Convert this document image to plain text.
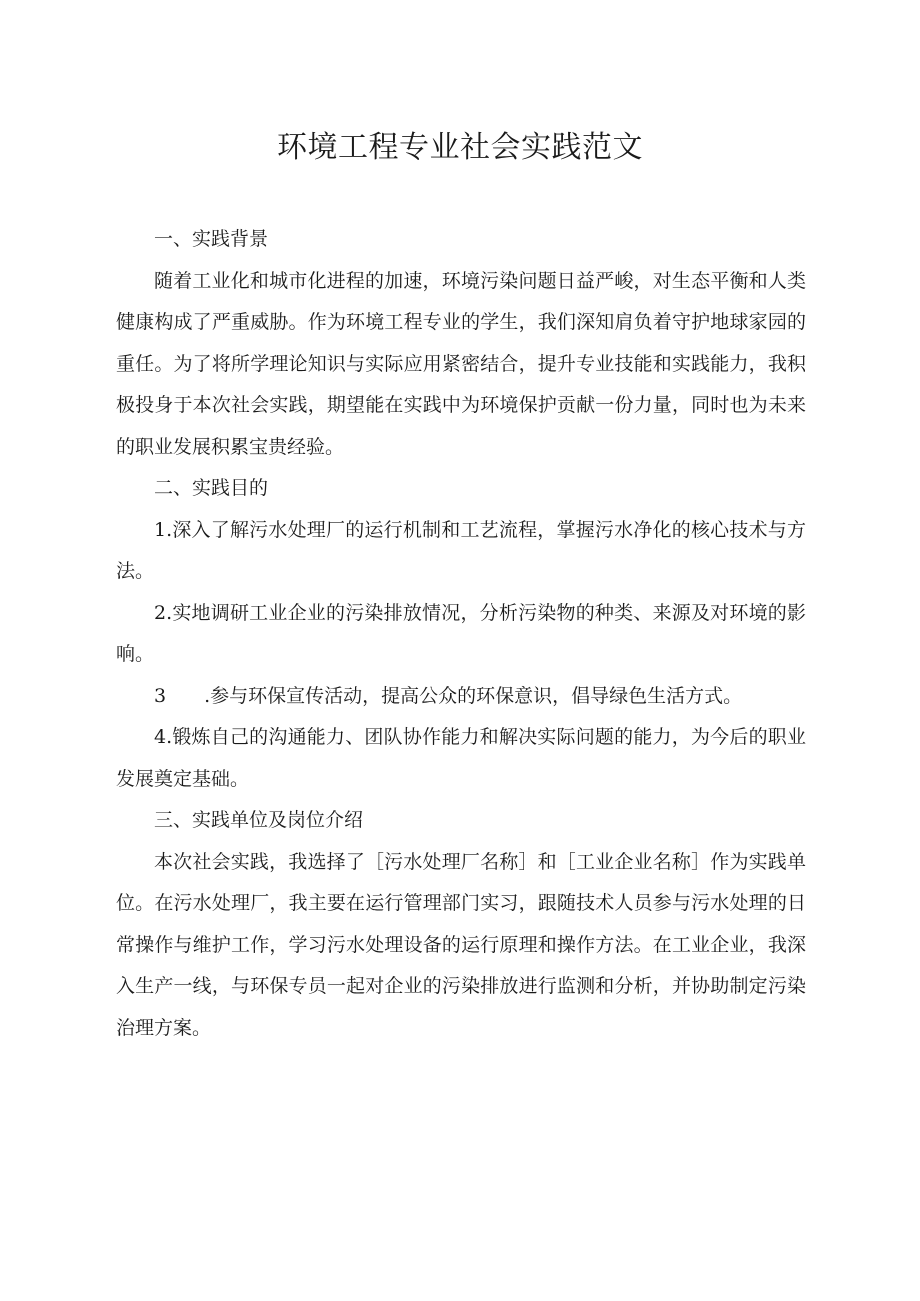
环境工程专业社会实践范文

一、实践背景

随着工业化和城市化进程的加速，环境污染问题日益严峻，对生态平衡和人类健康构成了严重威胁。作为环境工程专业的学生，我们深知肩负着守护地球家园的重任。为了将所学理论知识与实际应用紧密结合，提升专业技能和实践能力，我积极投身于本次社会实践，期望能在实践中为环境保护贡献一份力量，同时也为未来的职业发展积累宝贵经验。

二、实践目的

1.深入了解污水处理厂的运行机制和工艺流程，掌握污水净化的核心技术与方法。

2.实地调研工业企业的污染排放情况，分析污染物的种类、来源及对环境的影响。

3 .参与环保宣传活动，提高公众的环保意识，倡导绿色生活方式。

4.锻炼自己的沟通能力、团队协作能力和解决实际问题的能力，为今后的职业发展奠定基础。

三、实践单位及岗位介绍

本次社会实践，我选择了［污水处理厂名称］和［工业企业名称］作为实践单位。在污水处理厂，我主要在运行管理部门实习，跟随技术人员参与污水处理的日常操作与维护工作，学习污水处理设备的运行原理和操作方法。在工业企业，我深入生产一线，与环保专员一起对企业的污染排放进行监测和分析，并协助制定污染治理方案。
